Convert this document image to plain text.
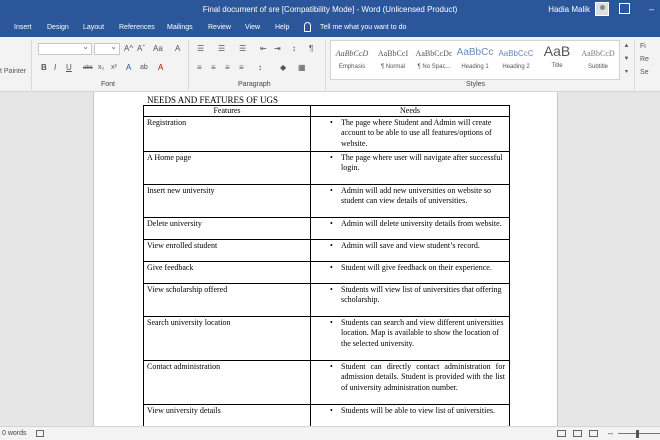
Final document of sre [Compatibility Mode] - Word (Unlicensed Product)	Hadia Malik	–
Insert Design Layout References Mailings Review View Help	Tell me what you want to do
t Painter
⌄
⌄
A^ Aˇ Aa A
B I U abc x₂ x² A ab A
Font
☰ ☰ ☰ ⇤ ⇥ ↕ ¶
≡ ≡ ≡ ≡ ↕ ◆ ▦
Paragraph
AaBbCcD
Emphasis
AaBbCcI
¶ Normal
AaBbCcDc
¶ No Spac...
AaBbCc
Heading 1
AaBbCcC
Heading 2
AaB
Title
AaBbCcD
Subtitle
▲
▼
▾
Styles
Fi
Re
Se
NEEDS AND FEATURES OF UGS
Features	Needs
Registration	• The page where Student and Admin will create account to be able to use all features/options of website.
A Home page	• The page where user will navigate after successful login.
Insert new university	• Admin will add new universities on website so student can view details of universities.
Delete university	• Admin will delete university details from website.
View enrolled student	• Admin will save and view student’s record.
Give feedback	• Student will give feedback on their experience.
View scholarship offered	• Students will view list of universities that offering scholarship.
Search university location	• Students can search and view different universities location. Map is available to show the location of the selected university.
Contact administration	• Student can directly contact administration for admission details. Student is provided with the list of university administration number.
View university details	• Students will be able to view list of universities.
0 words	–
